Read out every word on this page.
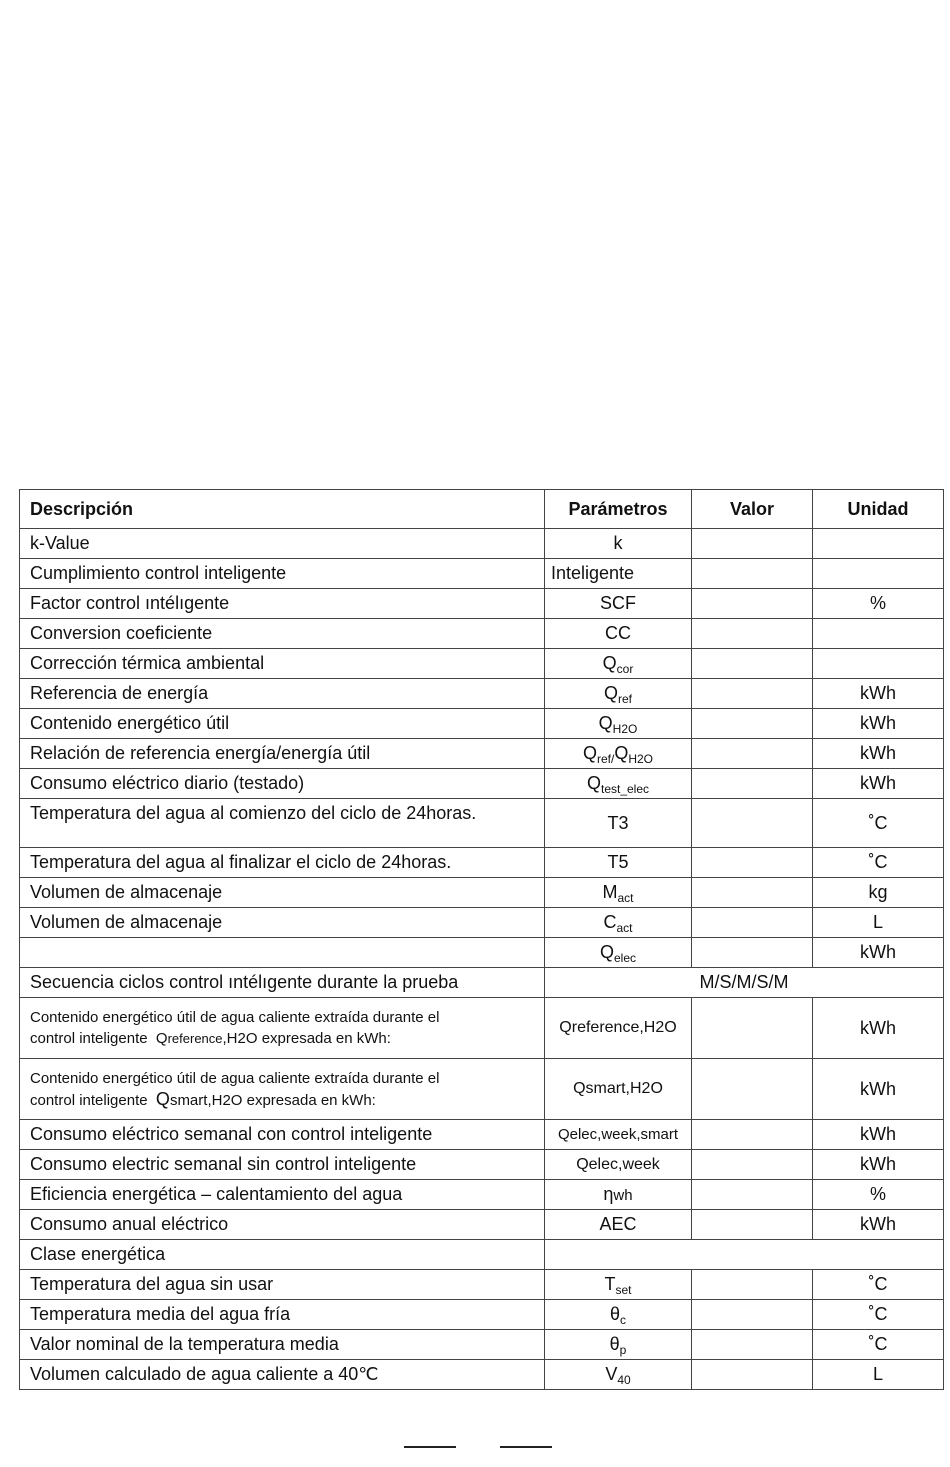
Descripción	Parámetros	Valor	Unidad
k-Value	k		
Cumplimiento control inteligente	Inteligente		
Factor control ıntélıgente	SCF		%
Conversion coeficiente	CC		
Corrección térmica ambiental	$Q_{cor}$		
Referencia de energía	$Q_{ref}$		kWh
Contenido energético útil	$Q_{H2O}$		kWh
Relación de referencia energía/energía útil	$Q_{ref/}Q_{H2O}$		kWh
Consumo eléctrico diario (testado)	$Q_{test\_elec}$		kWh
Temperatura del agua al comienzo del ciclo de 24horas.	T3		˚C
Temperatura del agua al finalizar el ciclo de 24horas.	T5		˚C
Volumen de almacenaje	$M_{act}$		kg
Volumen de almacenaje	$C_{act}$		L
	$Q_{elec}$		kWh
Secuencia ciclos control ıntélıgente durante la prueba	M/S/M/S/M		
Contenido energético útil de agua caliente extraída durante el
control inteligente Qreference,H2O expresada en kWh:	Qreference,H2O		kWh
Contenido energético útil de agua caliente extraída durante el
control inteligente Qsmart,H2O expresada en kWh:	Qsmart,H2O		kWh
Consumo eléctrico semanal con control inteligente	Qelec,week,smart		kWh
Consumo electric semanal sin control inteligente	Qelec,week		kWh
Eficiencia energética – calentamiento del agua	ηwh		%
Consumo anual eléctrico	AEC		kWh
Clase energética			
Temperatura del agua sin usar	$T_{set}$		˚C
Temperatura media del agua fría	$\theta_c$		˚C
Valor nominal de la temperatura media	$\theta_p$		˚C
Volumen calculado de agua caliente a 40℃	$V_{40}$		L
